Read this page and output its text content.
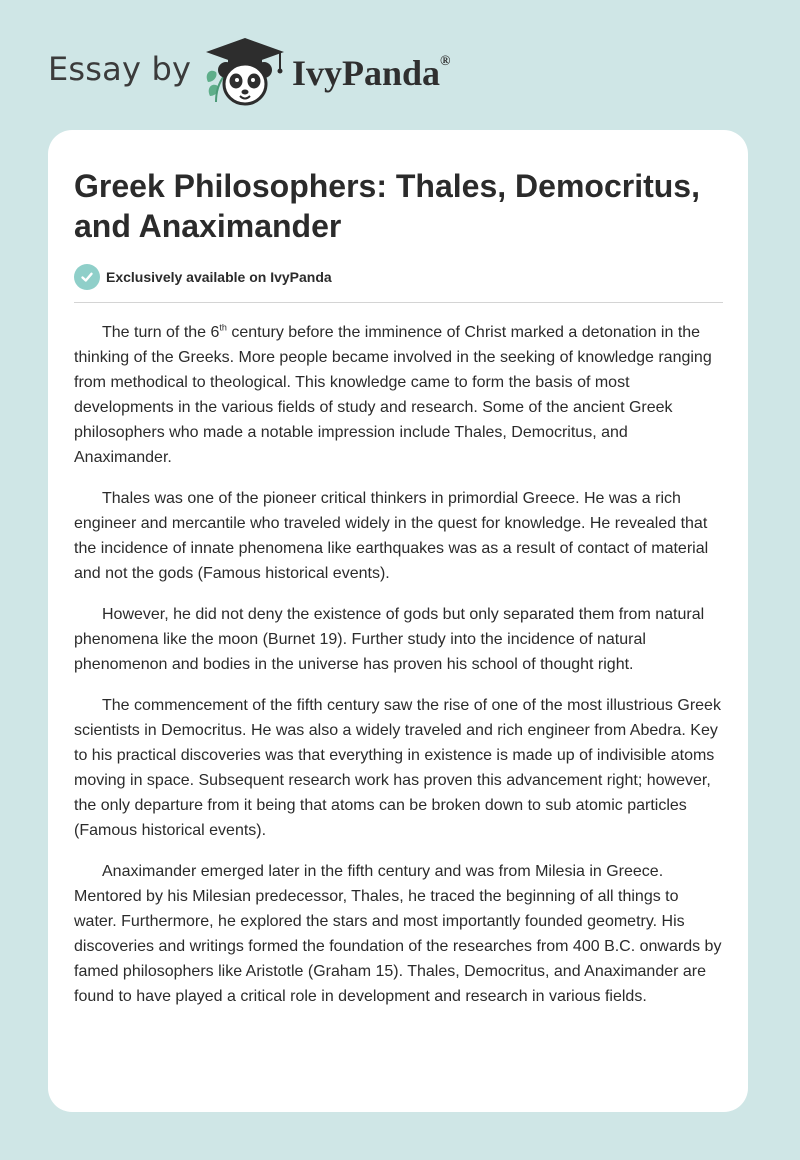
Essay by	IvyPanda®
Greek Philosophers: Thales, Democritus, and Anaximander
Exclusively available on IvyPanda

The turn of the 6th century before the imminence of Christ marked a detonation in the thinking of the Greeks. More people became involved in the seeking of knowledge ranging from methodical to theological. This knowledge came to form the basis of most developments in the various fields of study and research. Some of the ancient Greek philosophers who made a notable impression include Thales, Democritus, and Anaximander.

Thales was one of the pioneer critical thinkers in primordial Greece. He was a rich engineer and mercantile who traveled widely in the quest for knowledge. He revealed that the incidence of innate phenomena like earthquakes was as a result of contact of material and not the gods (Famous historical events).

However, he did not deny the existence of gods but only separated them from natural phenomena like the moon (Burnet 19). Further study into the incidence of natural phenomenon and bodies in the universe has proven his school of thought right.

The commencement of the fifth century saw the rise of one of the most illustrious Greek scientists in Democritus. He was also a widely traveled and rich engineer from Abedra. Key to his practical discoveries was that everything in existence is made up of indivisible atoms moving in space. Subsequent research work has proven this advancement right; however, the only departure from it being that atoms can be broken down to sub atomic particles (Famous historical events).

Anaximander emerged later in the fifth century and was from Milesia in Greece. Mentored by his Milesian predecessor, Thales, he traced the beginning of all things to water. Furthermore, he explored the stars and most importantly founded geometry. His discoveries and writings formed the foundation of the researches from 400 B.C. onwards by famed philosophers like Aristotle (Graham 15). Thales, Democritus, and Anaximander are found to have played a critical role in development and research in various fields.
